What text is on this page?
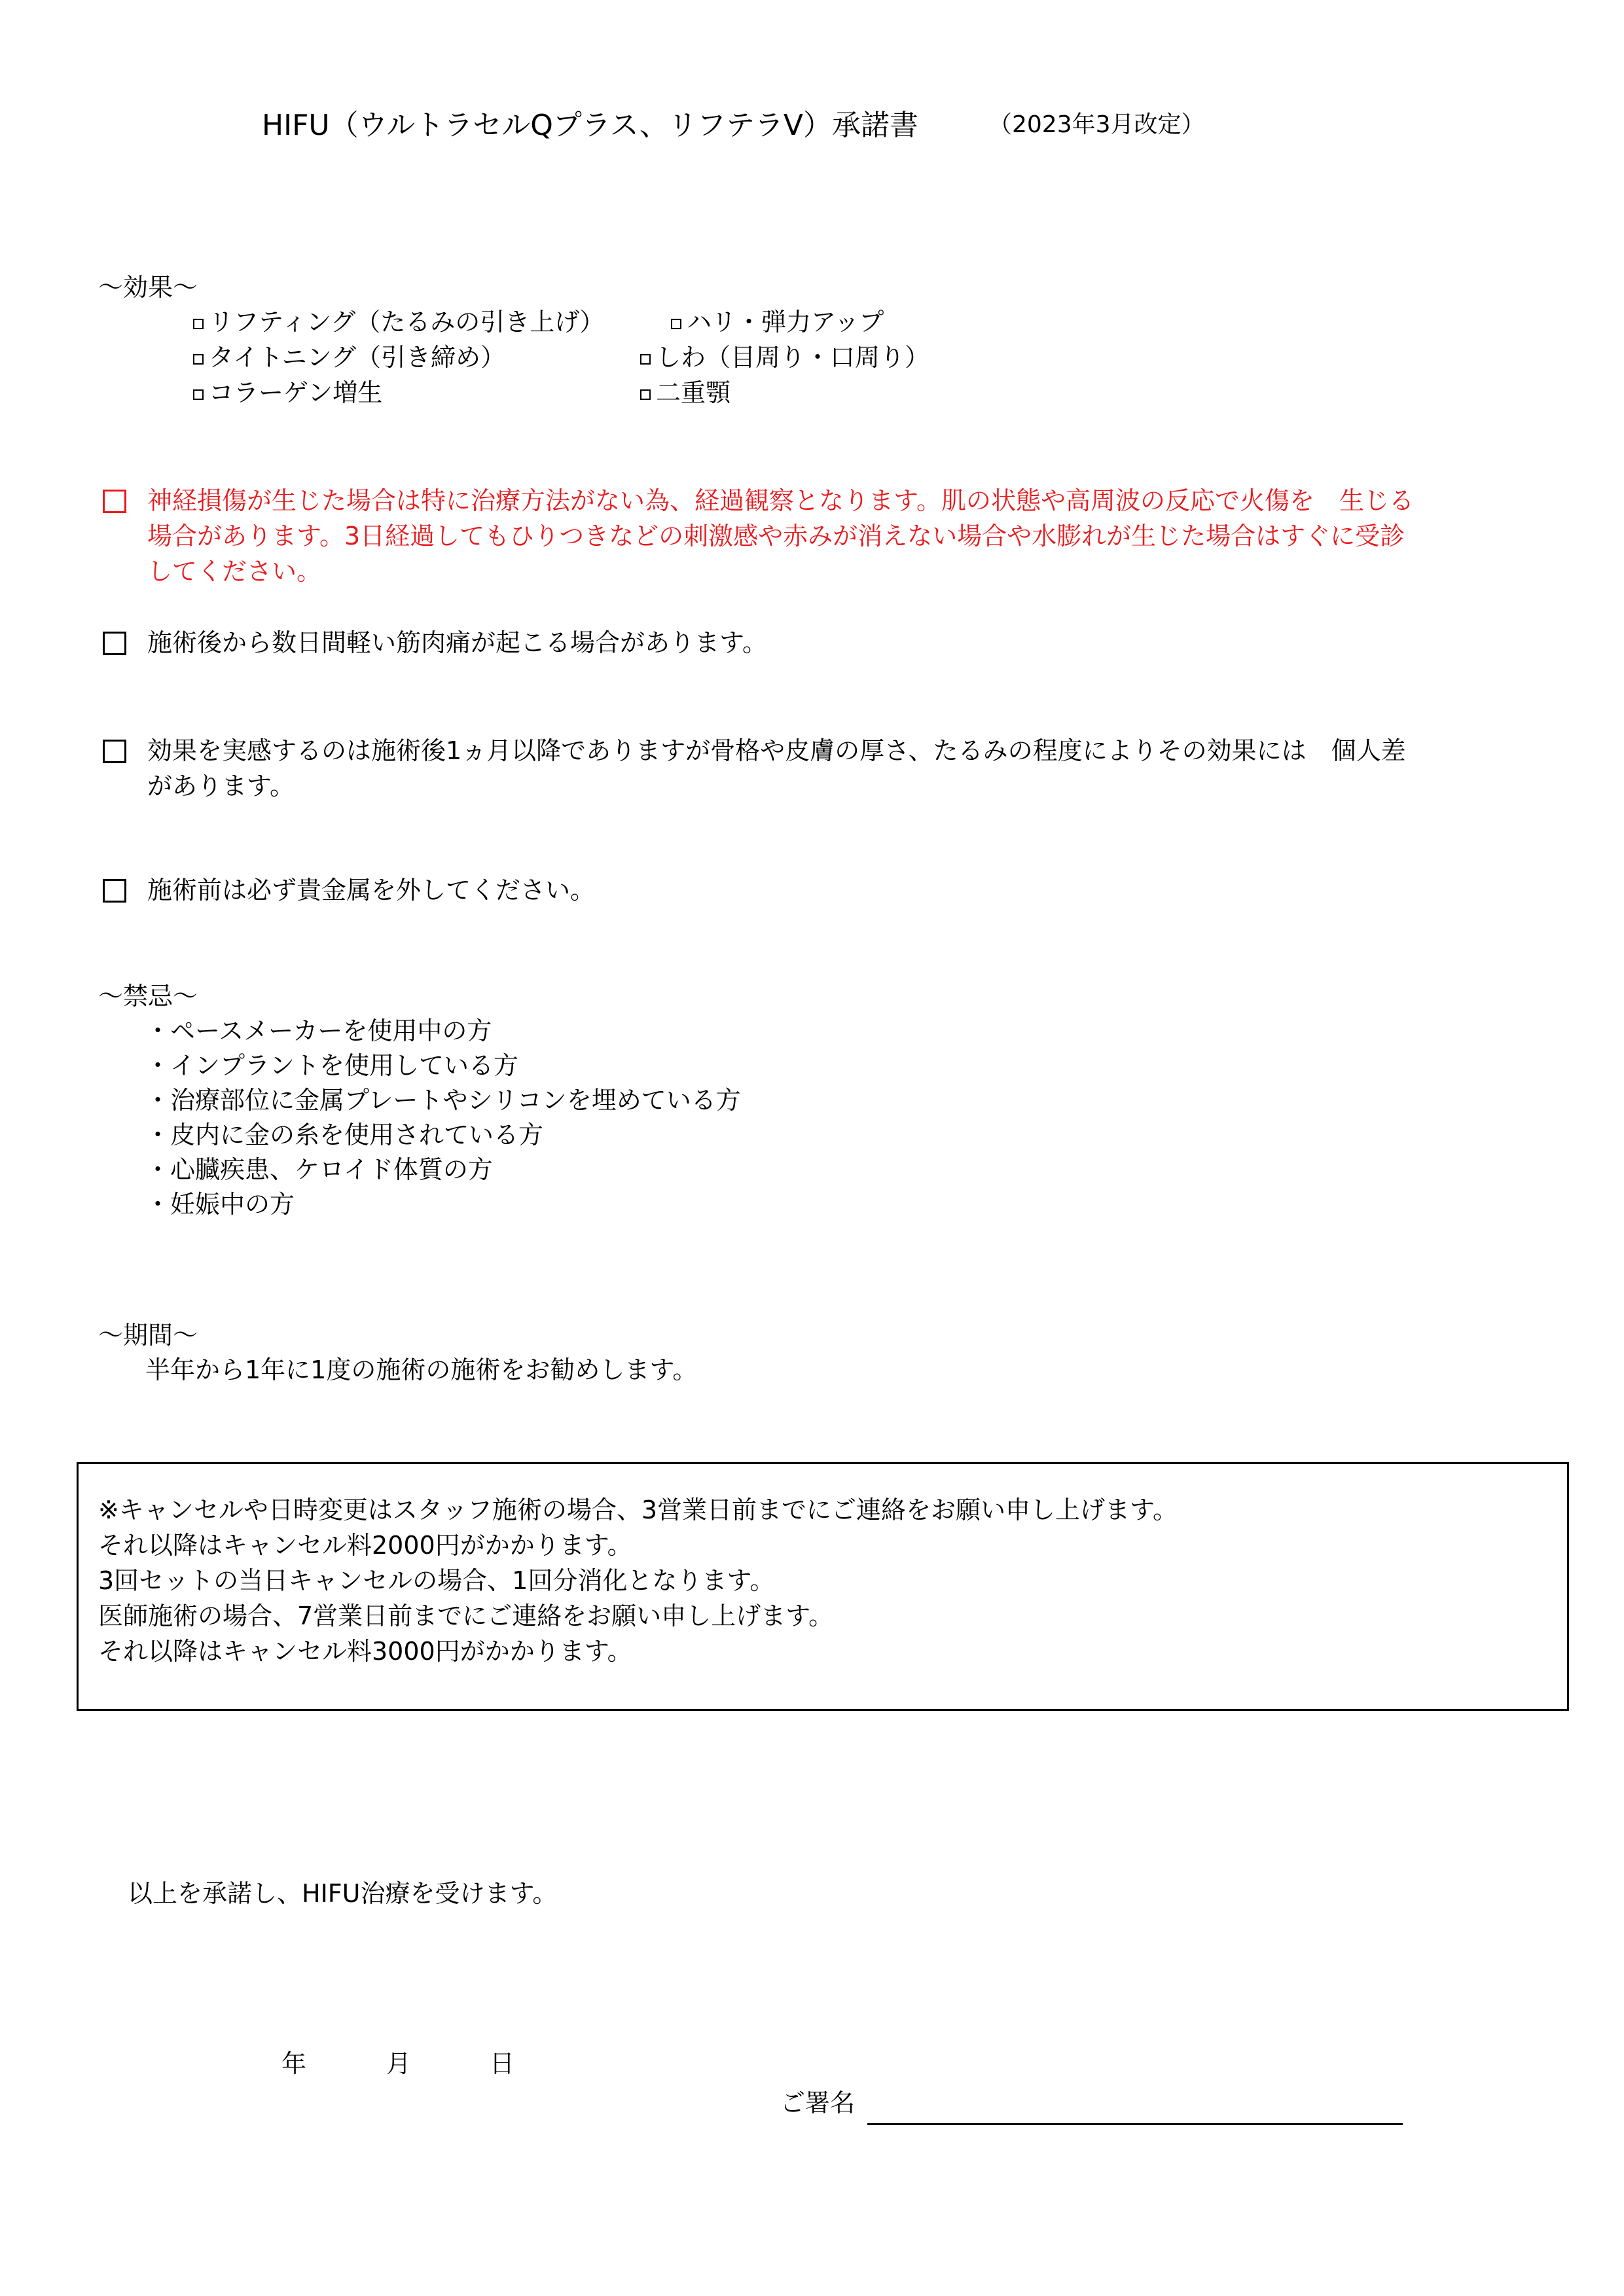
HIFU（ウルトラセルQプラス、リフテラV）承諾書	（2023年3月改定）
～効果～
リフティング（たるみの引き上げ）	ハリ・弾力アップ
タイトニング（引き締め）	しわ（目周り・口周り）
コラーゲン増生	二重顎
神経損傷が生じた場合は特に治療方法がない為、経過観察となります。肌の状態や高周波の反応で火傷を　生じる
場合があります。3日経過してもひりつきなどの刺激感や赤みが消えない場合や水膨れが生じた場合はすぐに受診
してください。
施術後から数日間軽い筋肉痛が起こる場合があります。
効果を実感するのは施術後1ヵ月以降でありますが骨格や皮膚の厚さ、たるみの程度によりその効果には　個人差
があります。
施術前は必ず貴金属を外してください。
～禁忌～
・ペースメーカーを使用中の方
・インプラントを使用している方
・治療部位に金属プレートやシリコンを埋めている方
・皮内に金の糸を使用されている方
・心臓疾患、ケロイド体質の方
・妊娠中の方
～期間～
半年から1年に1度の施術の施術をお勧めします。
※キャンセルや日時変更はスタッフ施術の場合、3営業日前までにご連絡をお願い申し上げます。
それ以降はキャンセル料2000円がかかります。
3回セットの当日キャンセルの場合、1回分消化となります。
医師施術の場合、7営業日前までにご連絡をお願い申し上げます。
それ以降はキャンセル料3000円がかかります。
以上を承諾し、HIFU治療を受けます。
年	月	日
ご署名
